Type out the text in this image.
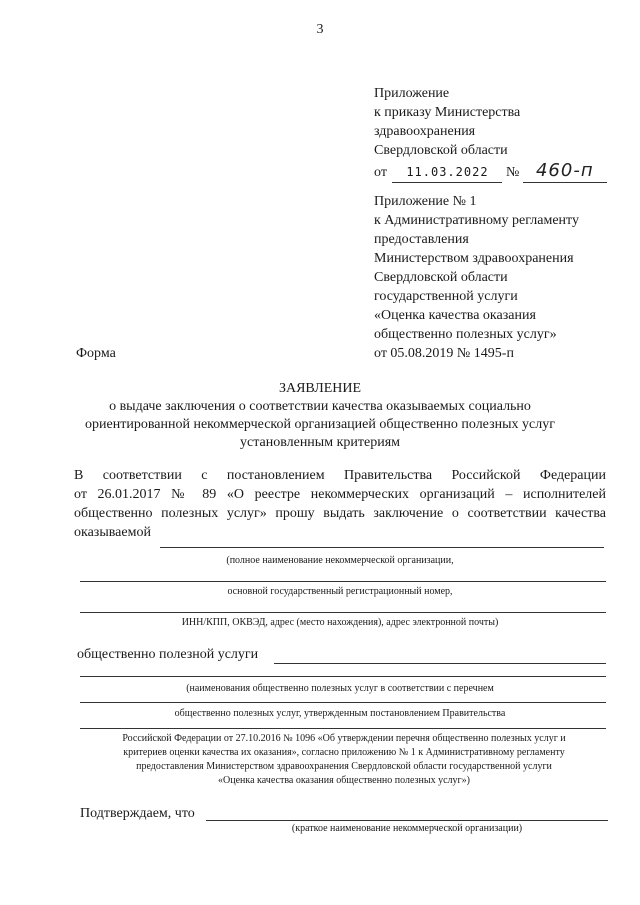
3
Приложение
к приказу Министерства
здравоохранения
Свердловской области
от 11.03.2022 № 460-п
Приложение № 1
к Административному регламенту
предоставления
Министерством здравоохранения
Свердловской области
государственной услуги
«Оценка качества оказания
общественно полезных услуг»
от 05.08.2019 № 1495-п
Форма
ЗАЯВЛЕНИЕ
о выдаче заключения о соответствии качества оказываемых социально
ориентированной некоммерческой организацией общественно полезных услуг
установленным критериям
В соответствии с постановлением Правительства Российской Федерации
от 26.01.2017 № 89 «О реестре некоммерческих организаций – исполнителей
общественно полезных услуг» прошу выдать заключение о соответствии качества
оказываемой
(полное наименование некоммерческой организации,
основной государственный регистрационный номер,
ИНН/КПП, ОКВЭД, адрес (место нахождения), адрес электронной почты)
общественно полезной услуги
(наименования общественно полезных услуг в соответствии с перечнем
общественно полезных услуг, утвержденным постановлением Правительства
Российской Федерации от 27.10.2016 № 1096 «Об утверждении перечня общественно полезных услуг и
критериев оценки качества их оказания», согласно приложению № 1 к Административному регламенту
предоставления Министерством здравоохранения Свердловской области государственной услуги
«Оценка качества оказания общественно полезных услуг»)
Подтверждаем, что
(краткое наименование некоммерческой организации)
